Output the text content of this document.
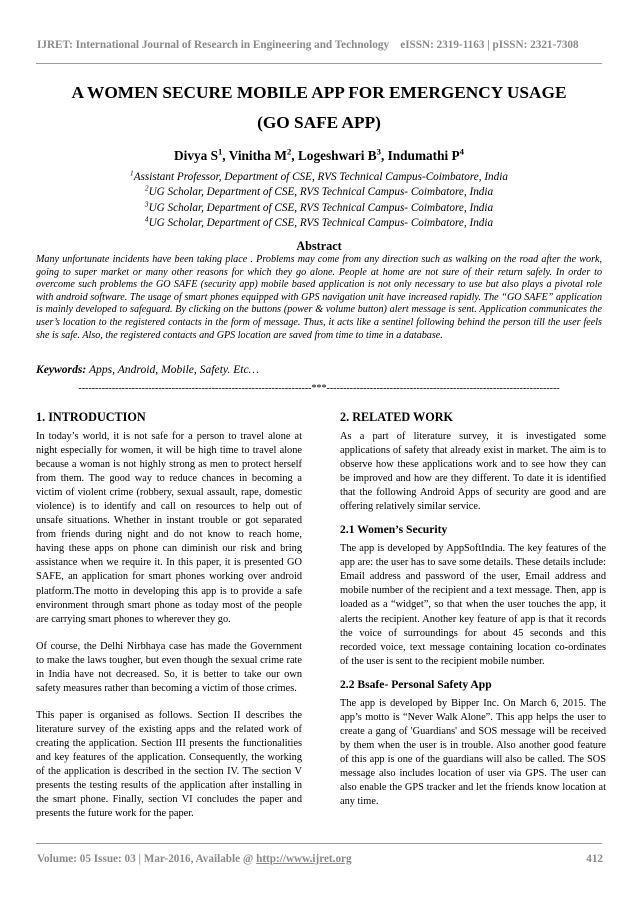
IJRET: International Journal of Research in Engineering and Technology eISSN: 2319-1163 | pISSN: 2321-7308
A WOMEN SECURE MOBILE APP FOR EMERGENCY USAGE
(GO SAFE APP)
Divya $S^1$, Vinitha $M^2$, Logeshwari $B^3$, Indumathi $P^4$
$^1$Assistant Professor, Department of CSE, RVS Technical Campus-Coimbatore, India
$^2$UG Scholar, Department of CSE, RVS Technical Campus- Coimbatore, India
$^3$UG Scholar, Department of CSE, RVS Technical Campus- Coimbatore, India
$^4$UG Scholar, Department of CSE, RVS Technical Campus- Coimbatore, India
Abstract
Many unfortunate incidents have been taking place . Problems may come from any direction such as walking on the road after the work, going to super market or many other reasons for which they go alone. People at home are not sure of their return safely. In order to overcome such problems the GO SAFE (security app) mobile based application is not only necessary to use but also plays a pivotal role with android software. The usage of smart phones equipped with GPS navigation unit have increased rapidly. The “GO SAFE” application is mainly developed to safeguard. By clicking on the buttons (power & volume button) alert message is sent. Application communicates the user’s location to the registered contacts in the form of message. Thus, it acts like a sentinel following behind the person till the user feels she is safe. Also, the registered contacts and GPS location are saved from time to time in a database.
Keywords: Apps, Android, Mobile, Safety. Etc…
----------------------------------------------------------------------***----------------------------------------------------------------------
1. INTRODUCTION

In today’s world, it is not safe for a person to travel alone at night especially for women, it will be high time to travel alone because a woman is not highly strong as men to protect herself from them. The good way to reduce chances in becoming a victim of violent crime (robbery, sexual assault, rape, domestic violence) is to identify and call on resources to help out of unsafe situations. Whether in instant trouble or got separated from friends during night and do not know to reach home, having these apps on phone can diminish our risk and bring assistance when we require it. In this paper, it is presented GO SAFE, an application for smart phones working over android platform.The motto in developing this app is to provide a safe environment through smart phone as today most of the people are carrying smart phones to wherever they go.

Of course, the Delhi Nirbhaya case has made the Government to make the laws tougher, but even though the sexual crime rate in India have not decreased. So, it is better to take our own safety measures rather than becoming a victim of those crimes.

This paper is organised as follows. Section II describes the literature survey of the existing apps and the related work of creating the application. Section III presents the functionalities and key features of the application. Consequently, the working of the application is described in the section IV. The section V presents the testing results of the application after installing in the smart phone. Finally, section VI concludes the paper and presents the future work for the paper.

2. RELATED WORK

As a part of literature survey, it is investigated some applications of safety that already exist in market. The aim is to observe how these applications work and to see how they can be improved and how are they different. To date it is identified that the following Android Apps of security are good and are offering relatively similar service.

2.1 Women’s Security

The app is developed by AppSoftIndia. The key features of the app are: the user has to save some details. These details include: Email address and password of the user, Email address and mobile number of the recipient and a text message. Then, app is loaded as a “widget”, so that when the user touches the app, it alerts the recipient. Another key feature of app is that it records the voice of surroundings for about 45 seconds and this recorded voice, text message containing location co-ordinates of the user is sent to the recipient mobile number.

2.2 Bsafe- Personal Safety App

The app is developed by Bipper Inc. On March 6, 2015. The app’s motto is “Never Walk Alone”. This app helps the user to create a gang of 'Guardians' and SOS message will be received by them when the user is in trouble. Also another good feature of this app is one of the guardians will also be called. The SOS message also includes location of user via GPS. The user can also enable the GPS tracker and let the friends know location at any time.

Volume: 05 Issue: 03 | Mar-2016, Available @ http://www.ijret.org	412
